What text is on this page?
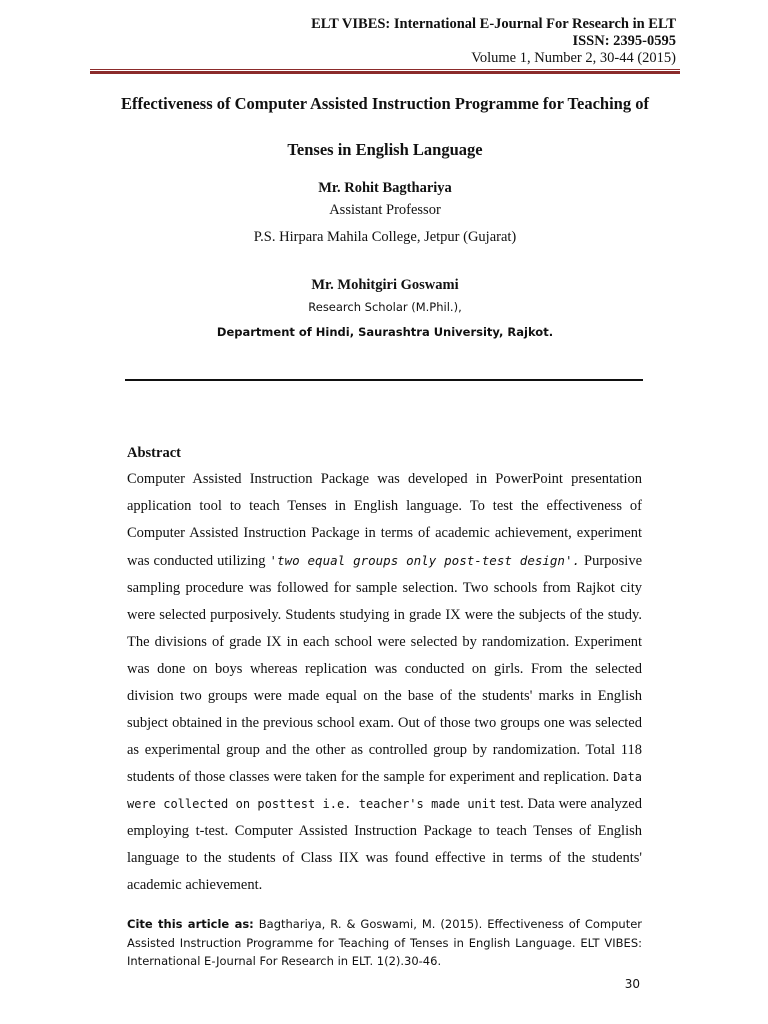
ELT VIBES: International E-Journal For Research in ELT
ISSN: 2395-0595
Volume 1, Number 2, 30-44 (2015)
Effectiveness of Computer Assisted Instruction Programme for Teaching of
Tenses in English Language
Mr. Rohit Bagthariya
Assistant Professor
P.S. Hirpara Mahila College, Jetpur (Gujarat)
Mr. Mohitgiri Goswami
Research Scholar (M.Phil.),
Department of Hindi, Saurashtra University, Rajkot.
Abstract
Computer Assisted Instruction Package was developed in PowerPoint presentation application tool to teach Tenses in English language. To test the effectiveness of Computer Assisted Instruction Package in terms of academic achievement, experiment was conducted utilizing 'two equal groups only post-test design'. Purposive sampling procedure was followed for sample selection. Two schools from Rajkot city were selected purposively. Students studying in grade IX were the subjects of the study. The divisions of grade IX in each school were selected by randomization. Experiment was done on boys whereas replication was conducted on girls. From the selected division two groups were made equal on the base of the students' marks in English subject obtained in the previous school exam. Out of those two groups one was selected as experimental group and the other as controlled group by randomization. Total 118 students of those classes were taken for the sample for experiment and replication. Data were collected on posttest i.e. teacher's made unit test. Data were analyzed employing t-test. Computer Assisted Instruction Package to teach Tenses of English language to the students of Class IIX was found effective in terms of the students' academic achievement.
Cite this article as: Bagthariya, R. & Goswami, M. (2015). Effectiveness of Computer Assisted Instruction Programme for Teaching of Tenses in English Language. ELT VIBES: International E-Journal For Research in ELT. 1(2).30-46.
30
